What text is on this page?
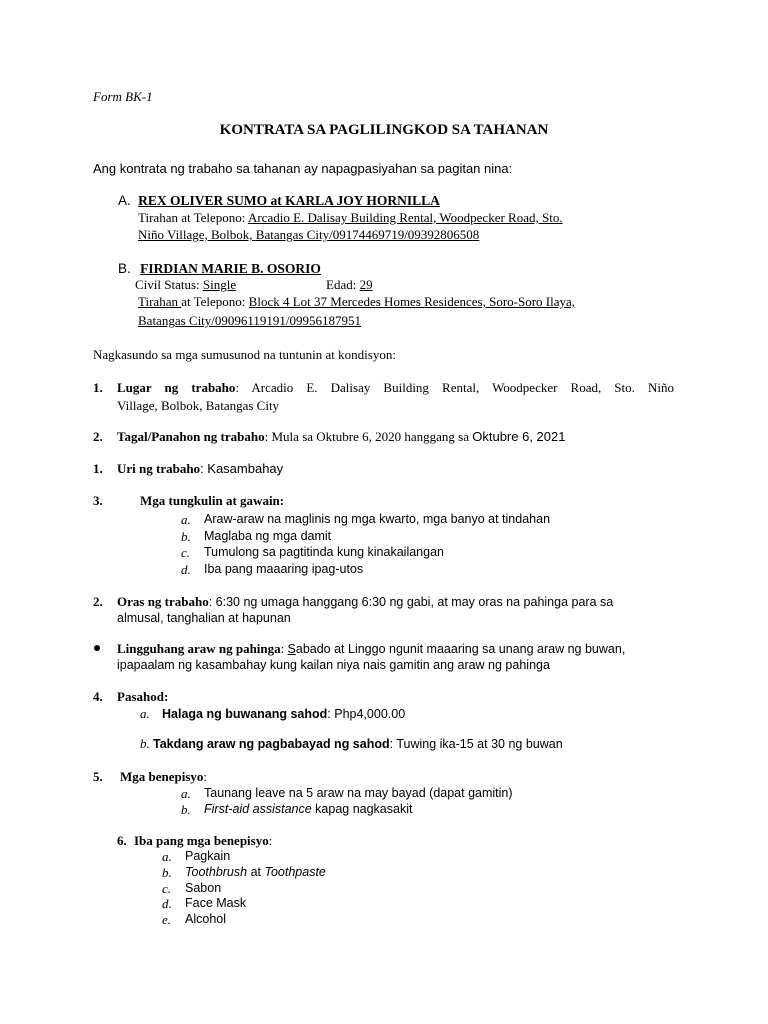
Form BK-1
KONTRATA SA PAGLILINGKOD SA TAHANAN
Ang kontrata ng trabaho sa tahanan ay napagpasiyahan sa pagitan nina:
A. REX OLIVER SUMO at KARLA JOY HORNILLA
Tirahan at Telepono: Arcadio E. Dalisay Building Rental, Woodpecker Road, Sto.
Niño Village, Bolbok, Batangas City/09174469719/09392806508
B. FIRDIAN MARIE B. OSORIO
Civil Status: Single	Edad: 29
Tirahan at Telepono: Block 4 Lot 37 Mercedes Homes Residences, Soro-Soro Ilaya,
Batangas City/09096119191/09956187951
Nagkasundo sa mga sumusunod na tuntunin at kondisyon:
1. Lugar ng trabaho: Arcadio E. Dalisay Building Rental, Woodpecker Road, Sto. Niño
Village, Bolbok, Batangas City
2. Tagal/Panahon ng trabaho: Mula sa Oktubre 6, 2020 hanggang sa Oktubre 6, 2021
1. Uri ng trabaho: Kasambahay
3.	Mga tungkulin at gawain:
a. Araw-araw na maglinis ng mga kwarto, mga banyo at tindahan
b. Maglaba ng mga damit
c. Tumulong sa pagtitinda kung kinakailangan
d. Iba pang maaaring ipag-utos
2. Oras ng trabaho: 6:30 ng umaga hanggang 6:30 ng gabi, at may oras na pahinga para sa
almusal, tanghalian at hapunan
Lingguhang araw ng pahinga: Sabado at Linggo ngunit maaaring sa unang araw ng buwan,
ipapaalam ng kasambahay kung kailan niya nais gamitin ang araw ng pahinga
4. Pasahod:
a. Halaga ng buwanang sahod: Php4,000.00
b. Takdang araw ng pagbabayad ng sahod: Tuwing ika-15 at 30 ng buwan
5. Mga benepisyo:
a. Taunang leave na 5 araw na may bayad (dapat gamitin)
b. First-aid assistance kapag nagkasakit
6. Iba pang mga benepisyo:
a. Pagkain
b. Toothbrush at Toothpaste
c. Sabon
d. Face Mask
e. Alcohol
